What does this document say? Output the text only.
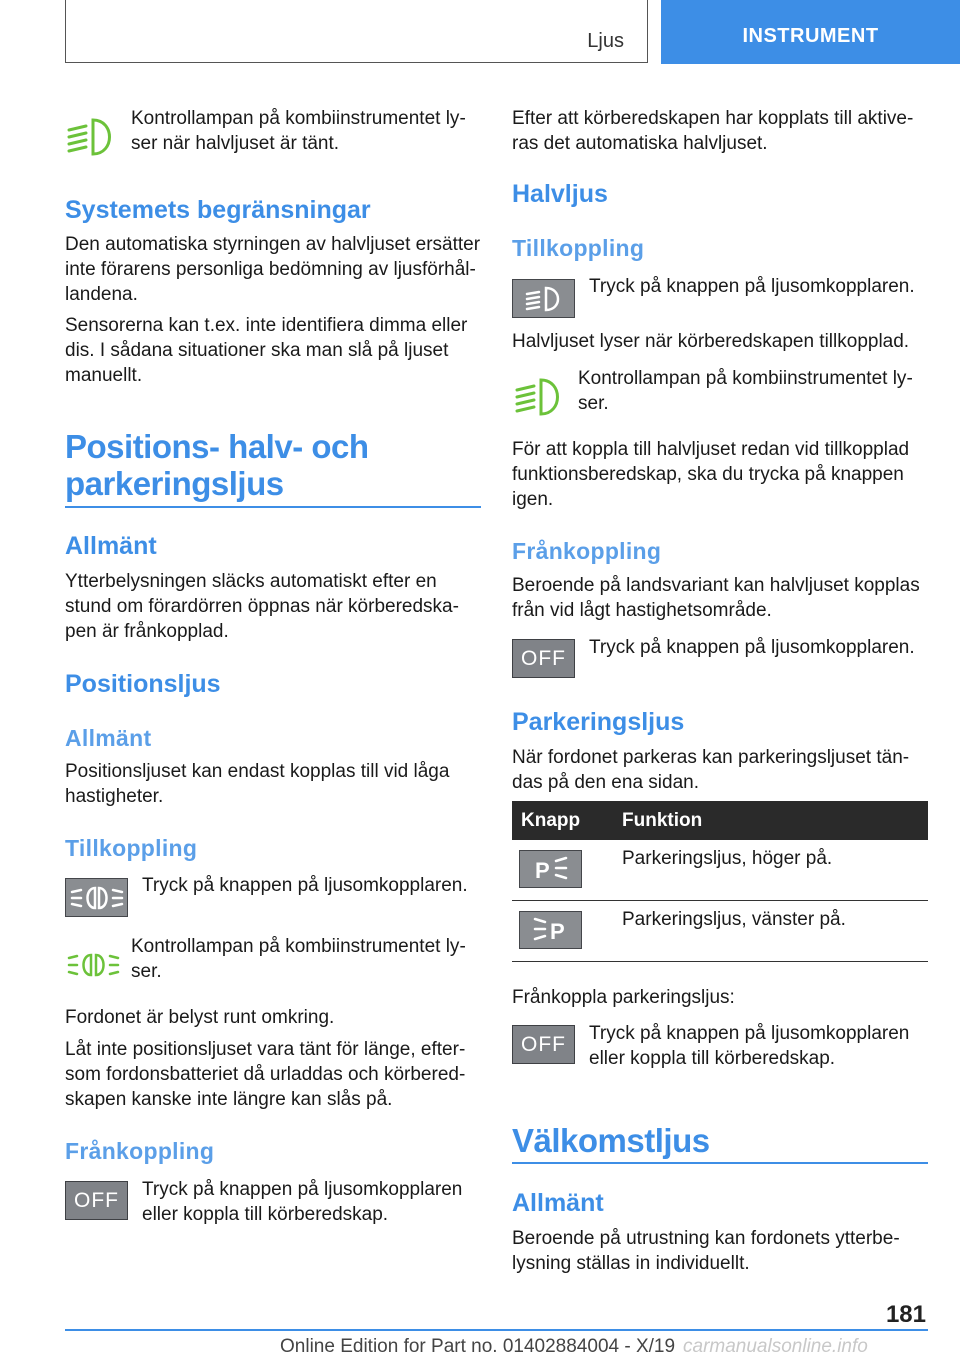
Ljus	INSTRUMENT
Kontrollampan på kombiinstrumentet lyser när halvljuset är tänt.
Systemets begränsningar
Den automatiska styrningen av halvljuset ersätter inte förarens personliga bedömning av ljusförhållandena.
Sensorerna kan t.ex. inte identifiera dimma eller dis. I sådana situationer ska man slå på ljuset manuellt.
Positions- halv- och
parkeringsljus
Allmänt
Ytterbelysningen släcks automatiskt efter en stund om förardörren öppnas när körberedskapen är frånkopplad.
Positionsljus
Allmänt
Positionsljuset kan endast kopplas till vid låga hastigheter.
Tillkoppling
Tryck på knappen på ljusomkopplaren.
Kontrollampan på kombiinstrumentet lyser.
Fordonet är belyst runt omkring.
Låt inte positionsljuset vara tänt för länge, eftersom fordonsbatteriet då urladdas och körberedskapen kanske inte längre kan slås på.
Frånkoppling
OFF	Tryck på knappen på ljusomkopplaren eller koppla till körberedskap.
Efter att körberedskapen har kopplats till aktiveras det automatiska halvljuset.
Halvljus
Tillkoppling
Tryck på knappen på ljusomkopplaren.
Halvljuset lyser när körberedskapen tillkopplad.
Kontrollampan på kombiinstrumentet lyser.
För att koppla till halvljuset redan vid tillkopplad funktionsberedskap, ska du trycka på knappen igen.
Frånkoppling
Beroende på landsvariant kan halvljuset kopplas från vid lågt hastighetsområde.
OFF	Tryck på knappen på ljusomkopplaren.
Parkeringsljus
När fordonet parkeras kan parkeringsljuset tändas på den ena sidan.
Knapp Funktion
P	Parkeringsljus, höger på.
P	Parkeringsljus, vänster på.
Frånkoppla parkeringsljus:
OFF	Tryck på knappen på ljusomkopplaren eller koppla till körberedskap.
Välkomstljus
Allmänt
Beroende på utrustning kan fordonets ytterbelysning ställas in individuellt.
181
Online Edition for Part no. 01402884004 - X/19 carmanualsonline.info
